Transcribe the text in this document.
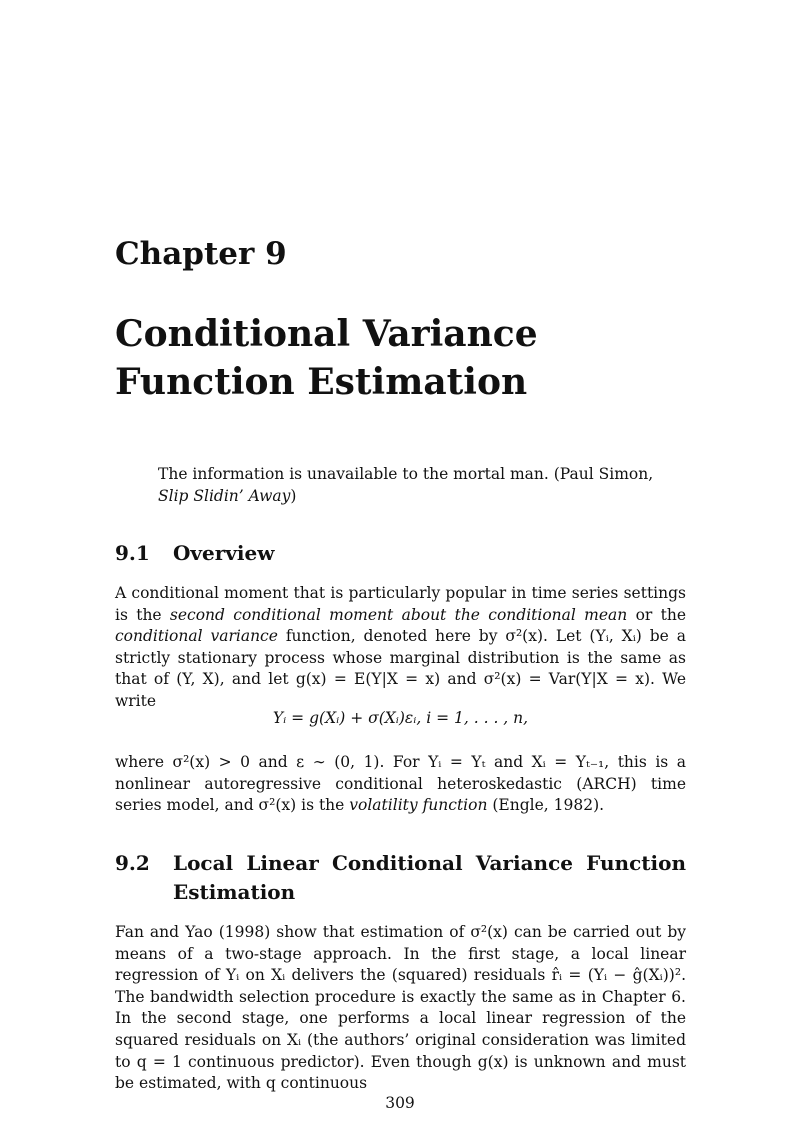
Chapter 9
Conditional Variance Function Estimation
The information is unavailable to the mortal man. (Paul Simon,
Slip Slidin’ Away)
9.1	Overview

A conditional moment that is particularly popular in time series settings is the second conditional moment about the conditional mean or the conditional variance function, denoted here by σ²(x). Let (Yᵢ, Xᵢ) be a strictly stationary process whose marginal distribution is the same as that of (Y, X), and let g(x) = E(Y|X = x) and σ²(x) = Var(Y|X = x). We write

Yᵢ = g(Xᵢ) + σ(Xᵢ)εᵢ, i = 1, . . . , n,

where σ²(x) > 0 and ε ∼ (0, 1). For Yᵢ = Yₜ and Xᵢ = Yₜ₋₁, this is a nonlinear autoregressive conditional heteroskedastic (ARCH) time series model, and σ²(x) is the volatility function (Engle, 1982).

9.2	Local Linear Conditional Variance Function Estimation

Fan and Yao (1998) show that estimation of σ²(x) can be carried out by means of a two-stage approach. In the first stage, a local linear regression of Yᵢ on Xᵢ delivers the (squared) residuals r̂ᵢ = (Yᵢ − ĝ(Xᵢ))². The bandwidth selection procedure is exactly the same as in Chapter 6. In the second stage, one performs a local linear regression of the squared residuals on Xᵢ (the authors’ original consideration was limited to q = 1 continuous predictor). Even though g(x) is unknown and must be estimated, with q continuous

309
